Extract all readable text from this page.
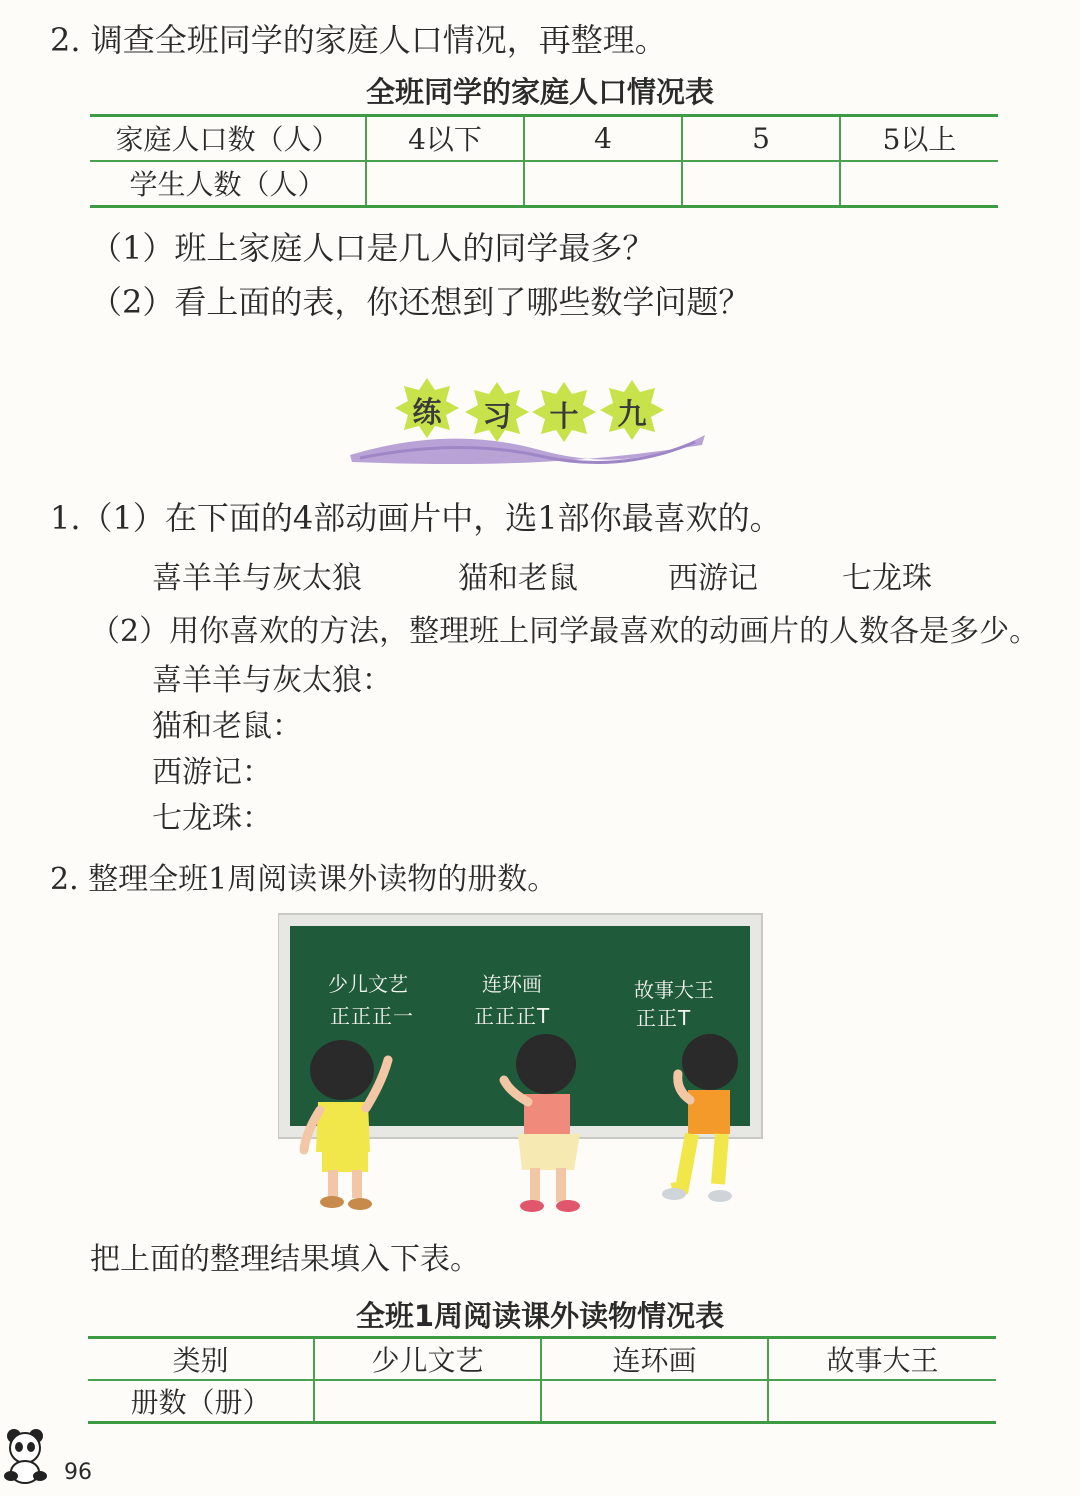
2. 调查全班同学的家庭人口情况，再整理。
全班同学的家庭人口情况表
家庭人口数（人）	4以下	4	5	5以上
学生人数（人）				
（1）班上家庭人口是几人的同学最多？
（2）看上面的表，你还想到了哪些数学问题？
练	习	十	九
1.（1）在下面的4部动画片中，选1部你最喜欢的。
喜羊羊与灰太狼	猫和老鼠	西游记	七龙珠
（2）用你喜欢的方法，整理班上同学最喜欢的动画片的人数各是多少。
喜羊羊与灰太狼：
猫和老鼠：
西游记：
七龙珠：
2. 整理全班1周阅读课外读物的册数。
少儿文艺
正正正一
连环画
正正正T
故事大王
正正T
把上面的整理结果填入下表。
全班1周阅读课外读物情况表
类别	少儿文艺	连环画	故事大王
册数（册）			
96
